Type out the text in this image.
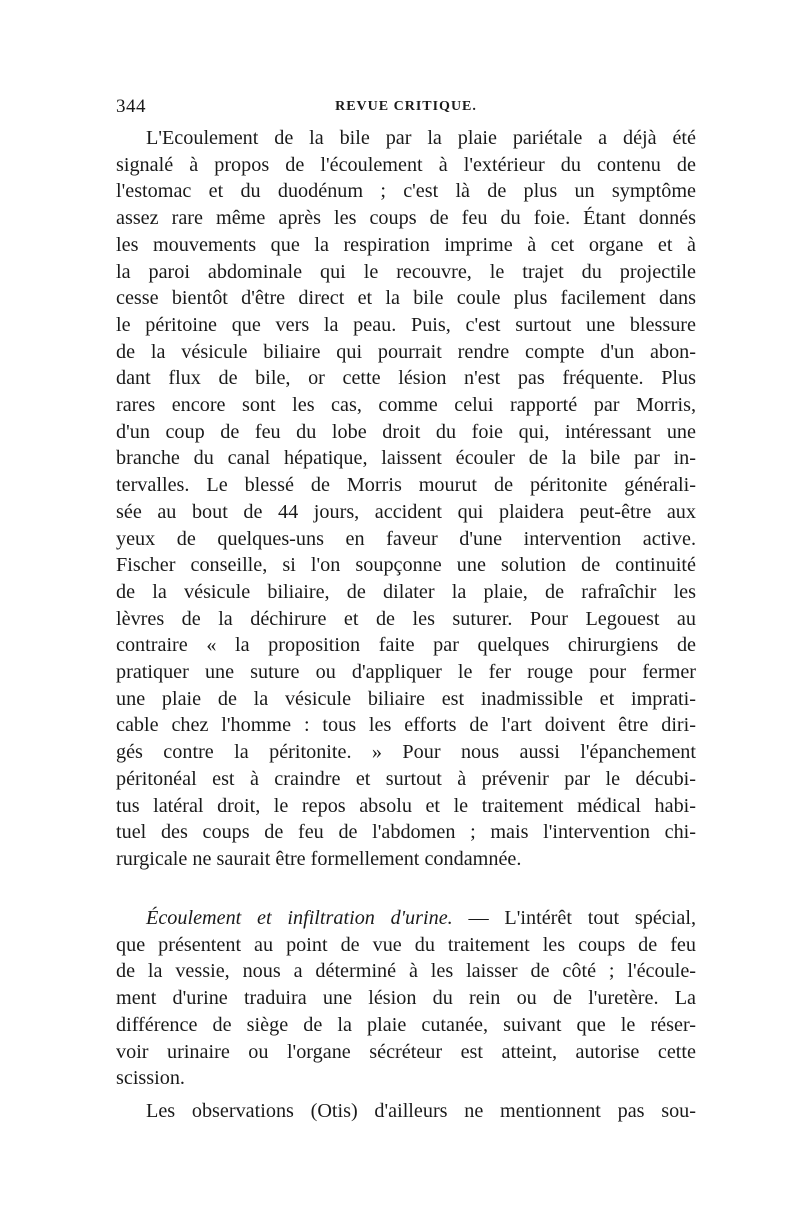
344	REVUE CRITIQUE.
L'Ecoulement de la bile par la plaie pariétale a déjà été
signalé à propos de l'écoulement à l'extérieur du contenu de
l'estomac et du duodénum ; c'est là de plus un symptôme
assez rare même après les coups de feu du foie. Étant donnés
les mouvements que la respiration imprime à cet organe et à
la paroi abdominale qui le recouvre, le trajet du projectile
cesse bientôt d'être direct et la bile coule plus facilement dans
le péritoine que vers la peau. Puis, c'est surtout une blessure
de la vésicule biliaire qui pourrait rendre compte d'un abon-
dant flux de bile, or cette lésion n'est pas fréquente. Plus
rares encore sont les cas, comme celui rapporté par Morris,
d'un coup de feu du lobe droit du foie qui, intéressant une
branche du canal hépatique, laissent écouler de la bile par in-
tervalles. Le blessé de Morris mourut de péritonite générali-
sée au bout de 44 jours, accident qui plaidera peut-être aux
yeux de quelques-uns en faveur d'une intervention active.
Fischer conseille, si l'on soupçonne une solution de continuité
de la vésicule biliaire, de dilater la plaie, de rafraîchir les
lèvres de la déchirure et de les suturer. Pour Legouest au
contraire « la proposition faite par quelques chirurgiens de
pratiquer une suture ou d'appliquer le fer rouge pour fermer
une plaie de la vésicule biliaire est inadmissible et imprati-
cable chez l'homme : tous les efforts de l'art doivent être diri-
gés contre la péritonite. » Pour nous aussi l'épanchement
péritonéal est à craindre et surtout à prévenir par le décubi-
tus latéral droit, le repos absolu et le traitement médical habi-
tuel des coups de feu de l'abdomen ; mais l'intervention chi-
rurgicale ne saurait être formellement condamnée.
Écoulement et infiltration d'urine. — L'intérêt tout spécial,
que présentent au point de vue du traitement les coups de feu
de la vessie, nous a déterminé à les laisser de côté ; l'écoule-
ment d'urine traduira une lésion du rein ou de l'uretère. La
différence de siège de la plaie cutanée, suivant que le réser-
voir urinaire ou l'organe sécréteur est atteint, autorise cette
scission.
Les observations (Otis) d'ailleurs ne mentionnent pas sou-
